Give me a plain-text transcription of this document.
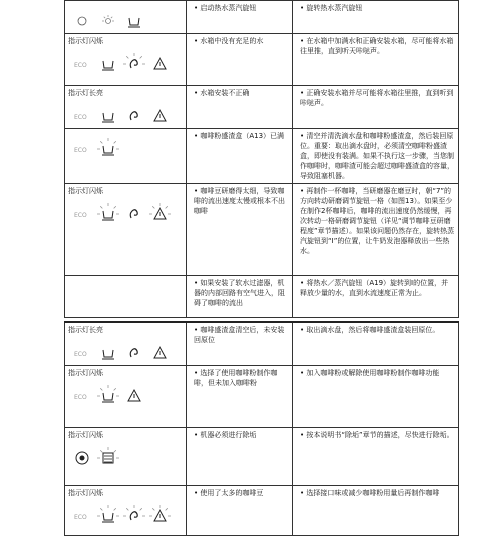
• 启动热水蒸汽旋钮	• 旋转热水蒸汽旋钮

指示灯闪烁
ECO	• 水箱中没有充足的水	• 在水箱中加满水和正确安装水箱，尽可能将水箱往里推，直到听天咔哒声。

指示灯长亮
ECO	• 水箱安装不正确	• 正确安装水箱并尽可能将水箱往里推，直到听到咔哒声。

ECO	• 咖啡粉盛渣盒（A13）已满	• 清空并清洗滴水盘和咖啡粉盛渣盒，然后装回原位。重要：取出滴水盘时，必须清空咖啡粉盛渣盒，即使没有装满。如果不执行这一步骤，当您制作咖啡时，咖啡渣可能会超过咖啡盛渣盒的容量，导致阻塞机器。

指示灯闪烁
ECO	• 咖啡豆研磨得太细，导致咖啡的流出速度太慢或根本不出咖啡	• 再制作一杯咖啡，当研磨器在磨豆时，朝“7”的方向转动研磨调节旋钮一格（如图13）。如果至少在制作2杯咖啡后，咖啡的流出速度仍然缓慢，再次转动一格研磨调节旋钮（详见“调节咖啡豆研磨程度”章节描述）。如果该问题仍然存在，旋转热蒸汽旋钮到“I”的位置，让牛奶发泡器释放出一些热水。

• 如果安装了软水过滤器，机器的内部回路有空气进入，阻碍了咖啡的流出	• 将热水／蒸汽旋钮（A19）旋转到I的位置，并释放少量的水，直到水流速度正常为止。

指示灯长亮
ECO	• 咖啡盛渣盒清空后，未安装回原位	• 取出滴水盘，然后将咖啡盛渣盒装回原位。

指示灯闪烁
ECO	• 选择了使用咖啡粉制作咖啡，但未加入咖啡粉	• 加入咖啡粉或解除使用咖啡粉制作咖啡功能

指示灯闪烁	• 机器必须进行除垢	• 按本说明书“除垢”章节的描述，尽快进行除垢。

指示灯闪烁
ECO	• 使用了太多的咖啡豆	• 选择接口味或减少咖啡粉用量后再制作咖啡
